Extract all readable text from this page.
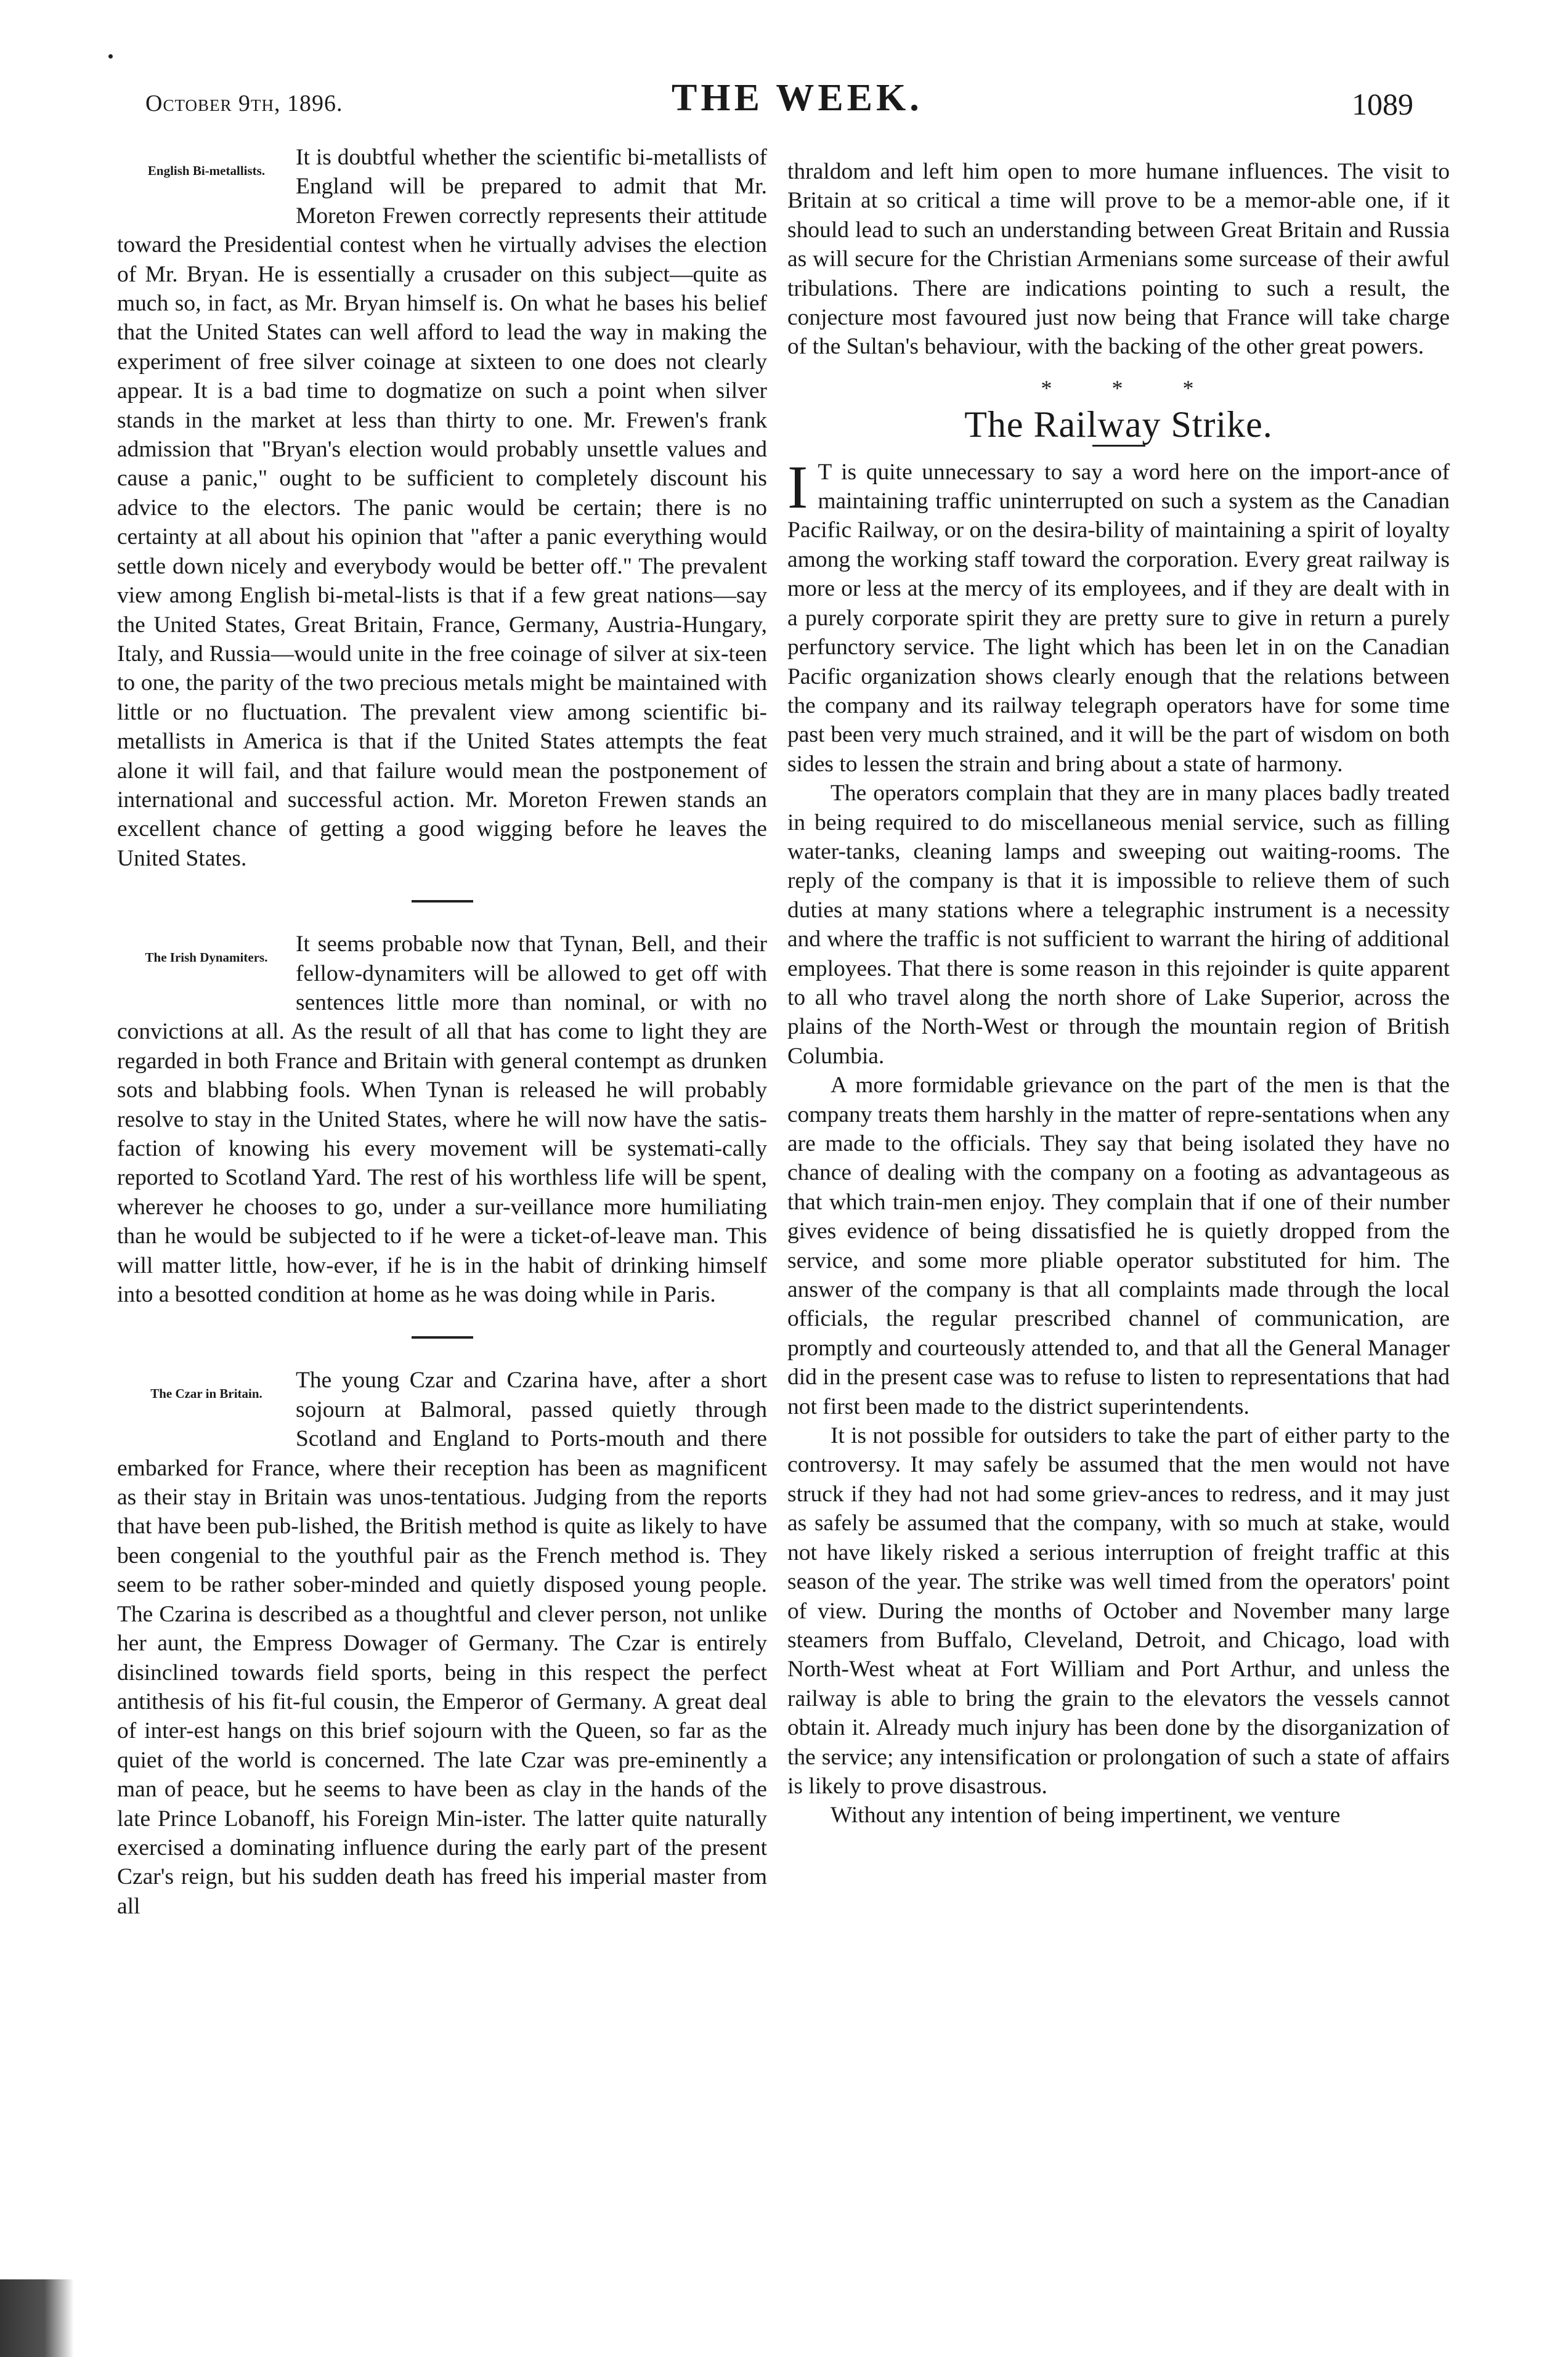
October 9th, 1896.	THE WEEK.	1089
English Bi-metallists.

It is doubtful whether the scientific bi-metallists of England will be prepared to admit that Mr. Moreton Frewen correctly represents their attitude toward the Presidential contest when he virtually advises the election of Mr. Bryan. He is essentially a crusader on this subject—quite as much so, in fact, as Mr. Bryan himself is. On what he bases his belief that the United States can well afford to lead the way in making the experiment of free silver coinage at sixteen to one does not clearly appear. It is a bad time to dogmatize on such a point when silver stands in the market at less than thirty to one. Mr. Frewen's frank admission that "Bryan's election would probably unsettle values and cause a panic," ought to be sufficient to completely discount his advice to the electors. The panic would be certain; there is no certainty at all about his opinion that "after a panic everything would settle down nicely and everybody would be better off." The prevalent view among English bi-metal-lists is that if a few great nations—say the United States, Great Britain, France, Germany, Austria-Hungary, Italy, and Russia—would unite in the free coinage of silver at six-teen to one, the parity of the two precious metals might be maintained with little or no fluctuation. The prevalent view among scientific bi-metallists in America is that if the United States attempts the feat alone it will fail, and that failure would mean the postponement of international and successful action. Mr. Moreton Frewen stands an excellent chance of getting a good wigging before he leaves the United States.

The Irish Dynamiters.

It seems probable now that Tynan, Bell, and their fellow-dynamiters will be allowed to get off with sentences little more than nominal, or with no convictions at all. As the result of all that has come to light they are regarded in both France and Britain with general contempt as drunken sots and blabbing fools. When Tynan is released he will probably resolve to stay in the United States, where he will now have the satis-faction of knowing his every movement will be systemati-cally reported to Scotland Yard. The rest of his worthless life will be spent, wherever he chooses to go, under a sur-veillance more humiliating than he would be subjected to if he were a ticket-of-leave man. This will matter little, how-ever, if he is in the habit of drinking himself into a besotted condition at home as he was doing while in Paris.

The Czar in Britain.

The young Czar and Czarina have, after a short sojourn at Balmoral, passed quietly through Scotland and England to Ports-mouth and there embarked for France, where their reception has been as magnificent as their stay in Britain was unos-tentatious. Judging from the reports that have been pub-lished, the British method is quite as likely to have been congenial to the youthful pair as the French method is. They seem to be rather sober-minded and quietly disposed young people. The Czarina is described as a thoughtful and clever person, not unlike her aunt, the Empress Dowager of Germany. The Czar is entirely disinclined towards field sports, being in this respect the perfect antithesis of his fit-ful cousin, the Emperor of Germany. A great deal of inter-est hangs on this brief sojourn with the Queen, so far as the quiet of the world is concerned. The late Czar was pre-eminently a man of peace, but he seems to have been as clay in the hands of the late Prince Lobanoff, his Foreign Min-ister. The latter quite naturally exercised a dominating influence during the early part of the present Czar's reign, but his sudden death has freed his imperial master from all

thraldom and left him open to more humane influences. The visit to Britain at so critical a time will prove to be a memor-able one, if it should lead to such an understanding between Great Britain and Russia as will secure for the Christian Armenians some surcease of their awful tribulations. There are indications pointing to such a result, the conjecture most favoured just now being that France will take charge of the Sultan's behaviour, with the backing of the other great powers.

* * *
The Railway Strike.

I T is quite unnecessary to say a word here on the import-ance of maintaining traffic uninterrupted on such a system as the Canadian Pacific Railway, or on the desira-bility of maintaining a spirit of loyalty among the working staff toward the corporation. Every great railway is more or less at the mercy of its employees, and if they are dealt with in a purely corporate spirit they are pretty sure to give in return a purely perfunctory service. The light which has been let in on the Canadian Pacific organization shows clearly enough that the relations between the company and its railway telegraph operators have for some time past been very much strained, and it will be the part of wisdom on both sides to lessen the strain and bring about a state of harmony.

The operators complain that they are in many places badly treated in being required to do miscellaneous menial service, such as filling water-tanks, cleaning lamps and sweeping out waiting-rooms. The reply of the company is that it is impossible to relieve them of such duties at many stations where a telegraphic instrument is a necessity and where the traffic is not sufficient to warrant the hiring of additional employees. That there is some reason in this rejoinder is quite apparent to all who travel along the north shore of Lake Superior, across the plains of the North-West or through the mountain region of British Columbia.

A more formidable grievance on the part of the men is that the company treats them harshly in the matter of repre-sentations when any are made to the officials. They say that being isolated they have no chance of dealing with the company on a footing as advantageous as that which train-men enjoy. They complain that if one of their number gives evidence of being dissatisfied he is quietly dropped from the service, and some more pliable operator substituted for him. The answer of the company is that all complaints made through the local officials, the regular prescribed channel of communication, are promptly and courteously attended to, and that all the General Manager did in the present case was to refuse to listen to representations that had not first been made to the district superintendents.

It is not possible for outsiders to take the part of either party to the controversy. It may safely be assumed that the men would not have struck if they had not had some griev-ances to redress, and it may just as safely be assumed that the company, with so much at stake, would not have likely risked a serious interruption of freight traffic at this season of the year. The strike was well timed from the operators' point of view. During the months of October and November many large steamers from Buffalo, Cleveland, Detroit, and Chicago, load with North-West wheat at Fort William and Port Arthur, and unless the railway is able to bring the grain to the elevators the vessels cannot obtain it. Already much injury has been done by the disorganization of the service; any intensification or prolongation of such a state of affairs is likely to prove disastrous.

Without any intention of being impertinent, we venture
